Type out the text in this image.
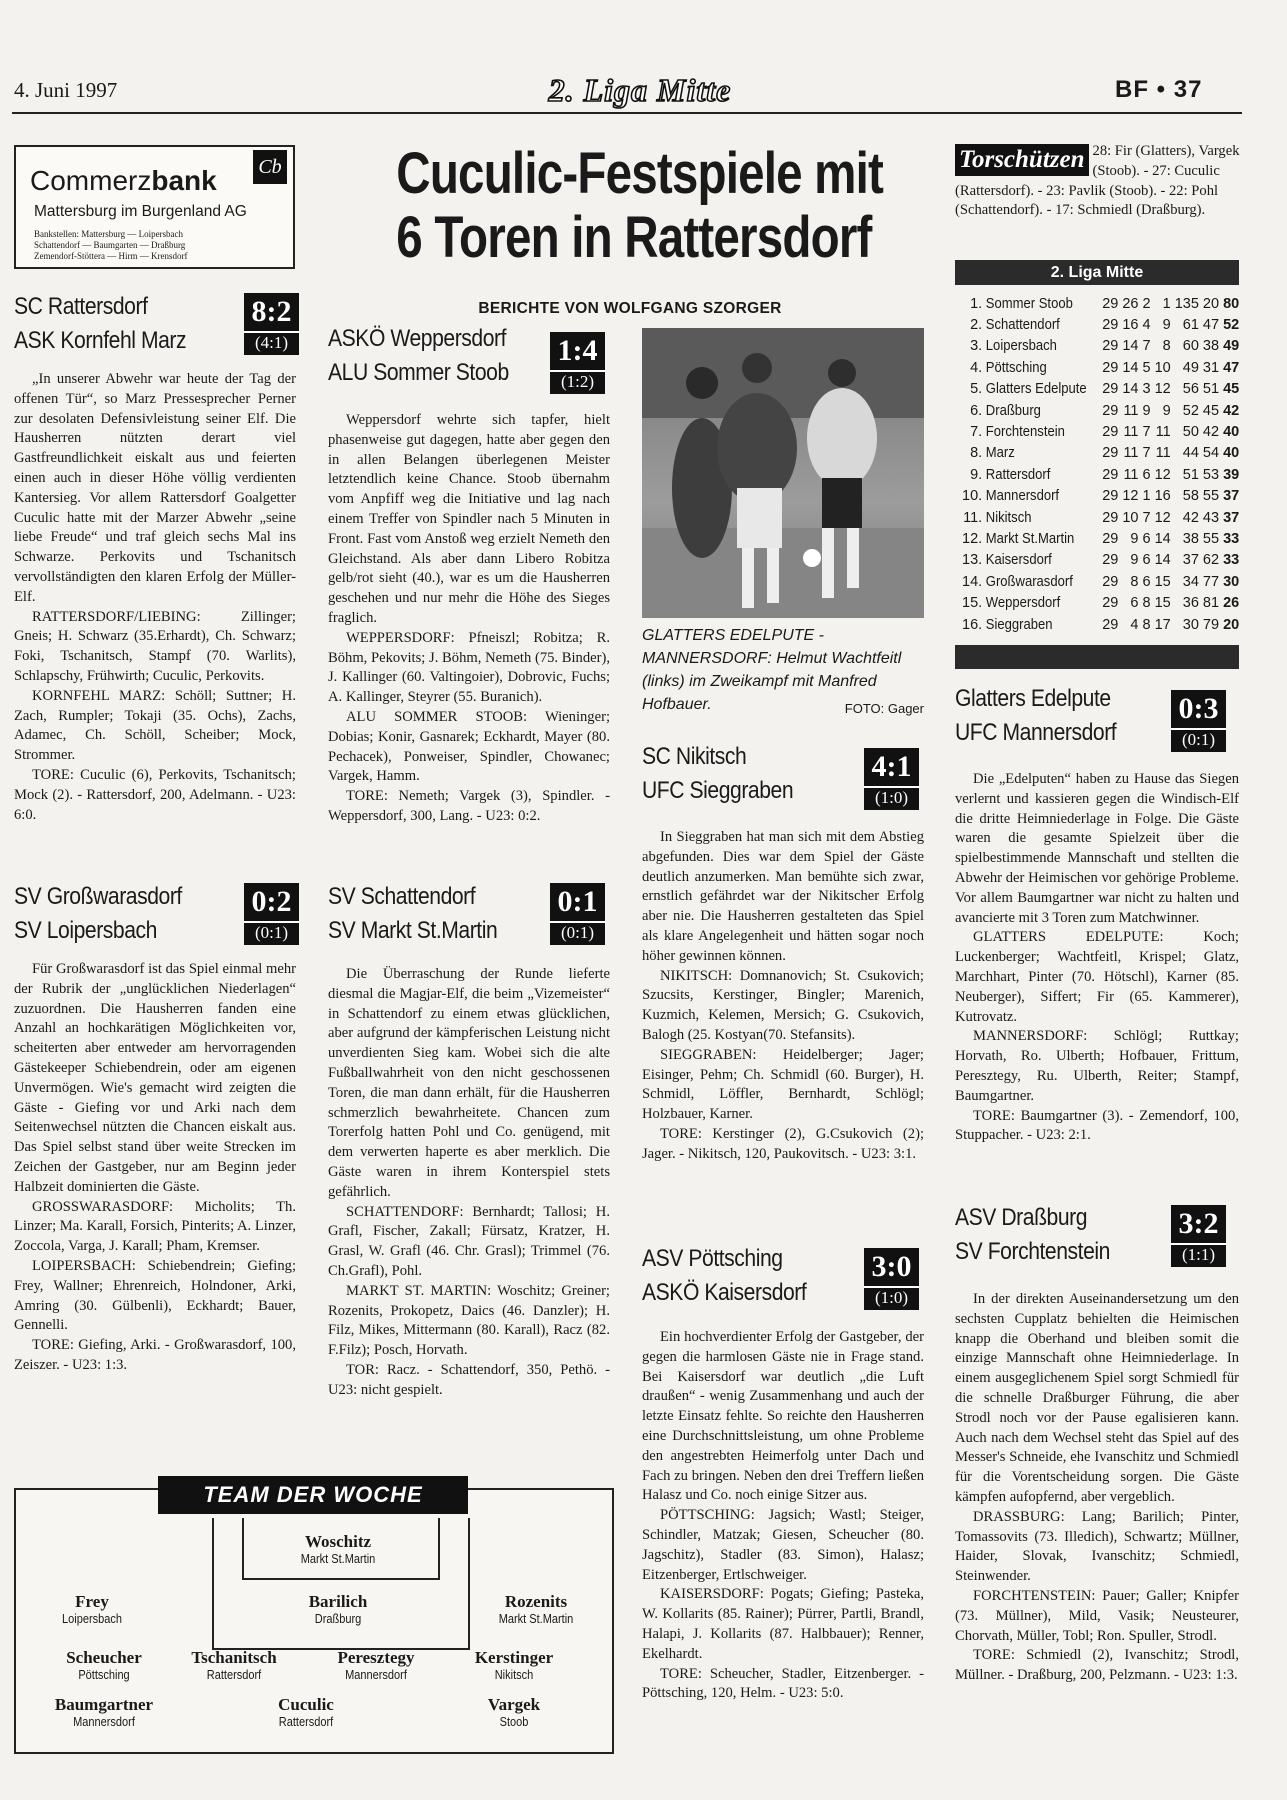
4. Juni 1997	2. Liga Mitte	BF • 37
Cb
Commerzbank
Mattersburg im Burgenland AG
Bankstellen: Mattersburg — Loipersbach
Schattendorf — Baumgarten — Draßburg
Zemendorf-Stöttera — Hirm — Krensdorf
Cuculic-Festspiele mit
6 Toren in Rattersdorf
BERICHTE VON WOLFGANG SZORGER
SC Rattersdorf
ASK Kornfehl Marz
8:2
(4:1)

„In unserer Abwehr war heute der Tag der offenen Tür“, so Marz Pressesprecher Perner zur desolaten Defensivleistung seiner Elf. Die Hausherren nützten derart viel Gastfreundlichkeit eiskalt aus und feierten einen auch in dieser Höhe völlig verdienten Kantersieg. Vor allem Rattersdorf Goalgetter Cuculic hatte mit der Marzer Abwehr „seine liebe Freude“ und traf gleich sechs Mal ins Schwarze. Perkovits und Tschanitsch vervollständigten den klaren Erfolg der Müller-Elf.

RATTERSDORF/LIEBING: Zillinger; Gneis; H. Schwarz (35.Erhardt), Ch. Schwarz; Foki, Tschanitsch, Stampf (70. Warlits), Schlapschy, Frühwirth; Cuculic, Perkovits.

KORNFEHL MARZ: Schöll; Suttner; H. Zach, Rumpler; Tokaji (35. Ochs), Zachs, Adamec, Ch. Schöll, Scheiber; Mock, Strommer.

TORE: Cuculic (6), Perkovits, Tschanitsch; Mock (2). - Rattersdorf, 200, Adelmann. - U23: 6:0.

SV Großwarasdorf
SV Loipersbach
0:2
(0:1)

Für Großwarasdorf ist das Spiel einmal mehr der Rubrik der „unglücklichen Niederlagen“ zuzuordnen. Die Hausherren fanden eine Anzahl an hochkarätigen Möglichkeiten vor, scheiterten aber entweder am hervorragenden Gästekeeper Schiebendrein, oder am eigenen Unvermögen. Wie's gemacht wird zeigten die Gäste - Giefing vor und Arki nach dem Seitenwechsel nützten die Chancen eiskalt aus. Das Spiel selbst stand über weite Strecken im Zeichen der Gastgeber, nur am Beginn jeder Halbzeit dominierten die Gäste.

GROSSWARASDORF: Micholits; Th. Linzer; Ma. Karall, Forsich, Pinterits; A. Linzer, Zoccola, Varga, J. Karall; Pham, Kremser.

LOIPERSBACH: Schiebendrein; Giefing; Frey, Wallner; Ehrenreich, Holndoner, Arki, Amring (30. Gülbenli), Eckhardt; Bauer, Gennelli.

TORE: Giefing, Arki. - Großwarasdorf, 100, Zeiszer. - U23: 1:3.

ASKÖ Weppersdorf
ALU Sommer Stoob
1:4
(1:2)

Weppersdorf wehrte sich tapfer, hielt phasenweise gut dagegen, hatte aber gegen den in allen Belangen überlegenen Meister letztendlich keine Chance. Stoob übernahm vom Anpfiff weg die Initiative und lag nach einem Treffer von Spindler nach 5 Minuten in Front. Fast vom Anstoß weg erzielt Nemeth den Gleichstand. Als aber dann Libero Robitza gelb/rot sieht (40.), war es um die Hausherren geschehen und nur mehr die Höhe des Sieges fraglich.

WEPPERSDORF: Pfneiszl; Robitza; R. Böhm, Pekovits; J. Böhm, Nemeth (75. Binder), J. Kallinger (60. Valtingoier), Dobrovic, Fuchs; A. Kallinger, Steyrer (55. Buranich).

ALU SOMMER STOOB: Wieninger; Dobias; Konir, Gasnarek; Eckhardt, Mayer (80. Pechacek), Ponweiser, Spindler, Chowanec; Vargek, Hamm.

TORE: Nemeth; Vargek (3), Spindler. - Weppersdorf, 300, Lang. - U23: 0:2.

SV Schattendorf
SV Markt St.Martin
0:1
(0:1)

Die Überraschung der Runde lieferte diesmal die Magjar-Elf, die beim „Vizemeister“ in Schattendorf zu einem etwas glücklichen, aber aufgrund der kämpferischen Leistung nicht unverdienten Sieg kam. Wobei sich die alte Fußballwahrheit von den nicht geschossenen Toren, die man dann erhält, für die Hausherren schmerzlich bewahrheitete. Chancen zum Torerfolg hatten Pohl und Co. genügend, mit dem verwerten haperte es aber merklich. Die Gäste waren in ihrem Konterspiel stets gefährlich.

SCHATTENDORF: Bernhardt; Tallosi; H. Grafl, Fischer, Zakall; Fürsatz, Kratzer, H. Grasl, W. Grafl (46. Chr. Grasl); Trimmel (76. Ch.Grafl), Pohl.

MARKT ST. MARTIN: Woschitz; Greiner; Rozenits, Prokopetz, Daics (46. Danzler); H. Filz, Mikes, Mittermann (80. Karall), Racz (82. F.Filz); Posch, Horvath.

TOR: Racz. - Schattendorf, 350, Pethö. - U23: nicht gespielt.

GLATTERS EDELPUTE - MANNERSDORF: Helmut Wachtfeitl (links) im Zweikampf mit Manfred Hofbauer.	FOTO: Gager
SC Nikitsch
UFC Sieggraben
4:1
(1:0)

In Sieggraben hat man sich mit dem Abstieg abgefunden. Dies war dem Spiel der Gäste deutlich anzumerken. Man bemühte sich zwar, ernstlich gefährdet war der Nikitscher Erfolg aber nie. Die Hausherren gestalteten das Spiel als klare Angelegenheit und hätten sogar noch höher gewinnen können.

NIKITSCH: Domnanovich; St. Csukovich; Szucsits, Kerstinger, Bingler; Marenich, Kuzmich, Kelemen, Mersich; G. Csukovich, Balogh (25. Kostyan(70. Stefansits).

SIEGGRABEN: Heidelberger; Jager; Eisinger, Pehm; Ch. Schmidl (60. Burger), H. Schmidl, Löffler, Bernhardt, Schlögl; Holzbauer, Karner.

TORE: Kerstinger (2), G.Csukovich (2); Jager. - Nikitsch, 120, Paukovitsch. - U23: 3:1.

ASV Pöttsching
ASKÖ Kaisersdorf
3:0
(1:0)

Ein hochverdienter Erfolg der Gastgeber, der gegen die harmlosen Gäste nie in Frage stand. Bei Kaisersdorf war deutlich „die Luft draußen“ - wenig Zusammenhang und auch der letzte Einsatz fehlte. So reichte den Hausherren eine Durchschnittsleistung, um ohne Probleme den angestrebten Heimerfolg unter Dach und Fach zu bringen. Neben den drei Treffern ließen Halasz und Co. noch einige Sitzer aus.

PÖTTSCHING: Jagsich; Wastl; Steiger, Schindler, Matzak; Giesen, Scheucher (80. Jagschitz), Stadler (83. Simon), Halasz; Eitzenberger, Ertlschweiger.

KAISERSDORF: Pogats; Giefing; Pasteka, W. Kollarits (85. Rainer); Pürrer, Partli, Brandl, Halapi, J. Kollarits (87. Halbbauer); Renner, Ekelhardt.

TORE: Scheucher, Stadler, Eitzenberger. - Pöttsching, 120, Helm. - U23: 5:0.

Torschützen 28: Fir (Glatters), Vargek (Stoob). - 27: Cuculic (Rattersdorf). - 23: Pavlik (Stoob). - 22: Pohl (Schattendorf). - 17: Schmiedl (Draßburg).
2. Liga Mitte
1.	Sommer Stoob	29	26	2	1	135	20	80
2.	Schattendorf	29	16	4	9	61	47	52
3.	Loipersbach	29	14	7	8	60	38	49
4.	Pöttsching	29	14	5	10	49	31	47
5.	Glatters Edelpute	29	14	3	12	56	51	45
6.	Draßburg	29	11	9	9	52	45	42
7.	Forchtenstein	29	11	7	11	50	42	40
8.	Marz	29	11	7	11	44	54	40
9.	Rattersdorf	29	11	6	12	51	53	39
10.	Mannersdorf	29	12	1	16	58	55	37
11.	Nikitsch	29	10	7	12	42	43	37
12.	Markt St.Martin	29	9	6	14	38	55	33
13.	Kaisersdorf	29	9	6	14	37	62	33
14.	Großwarasdorf	29	8	6	15	34	77	30
15.	Weppersdorf	29	6	8	15	36	81	26
16.	Sieggraben	29	4	8	17	30	79	20
Glatters Edelpute
UFC Mannersdorf
0:3
(0:1)

Die „Edelputen“ haben zu Hause das Siegen verlernt und kassieren gegen die Windisch-Elf die dritte Heimniederlage in Folge. Die Gäste waren die gesamte Spielzeit über die spielbestimmende Mannschaft und stellten die Abwehr der Heimischen vor gehörige Probleme. Vor allem Baumgartner war nicht zu halten und avancierte mit 3 Toren zum Matchwinner.

GLATTERS EDELPUTE: Koch; Luckenberger; Wachtfeitl, Krispel; Glatz, Marchhart, Pinter (70. Hötschl), Karner (85. Neuberger), Siffert; Fir (65. Kammerer), Kutrovatz.

MANNERSDORF: Schlögl; Ruttkay; Horvath, Ro. Ulberth; Hofbauer, Frittum, Peresztegy, Ru. Ulberth, Reiter; Stampf, Baumgartner.

TORE: Baumgartner (3). - Zemendorf, 100, Stuppacher. - U23: 2:1.

ASV Draßburg
SV Forchtenstein
3:2
(1:1)

In der direkten Auseinandersetzung um den sechsten Cupplatz behielten die Heimischen knapp die Oberhand und bleiben somit die einzige Mannschaft ohne Heimniederlage. In einem ausgeglichenem Spiel sorgt Schmiedl für die schnelle Draßburger Führung, die aber Strodl noch vor der Pause egalisieren kann. Auch nach dem Wechsel steht das Spiel auf des Messer's Schneide, ehe Ivanschitz und Schmiedl für die Vorentscheidung sorgen. Die Gäste kämpfen aufopfernd, aber vergeblich.

DRASSBURG: Lang; Barilich; Pinter, Tomassovits (73. Illedich), Schwartz; Müllner, Haider, Slovak, Ivanschitz; Schmiedl, Steinwender.

FORCHTENSTEIN: Pauer; Galler; Knipfer (73. Müllner), Mild, Vasik; Neusteurer, Chorvath, Müller, Tobl; Ron. Spuller, Strodl.

TORE: Schmiedl (2), Ivanschitz; Strodl, Müllner. - Draßburg, 200, Pelzmann. - U23: 1:3.

TEAM DER WOCHE
Woschitz
Markt St.Martin
Frey
Loipersbach
Barilich
Draßburg
Rozenits
Markt St.Martin
Scheucher
Pöttsching
Tschanitsch
Rattersdorf
Peresztegy
Mannersdorf
Kerstinger
Nikitsch
Baumgartner
Mannersdorf
Cuculic
Rattersdorf
Vargek
Stoob
